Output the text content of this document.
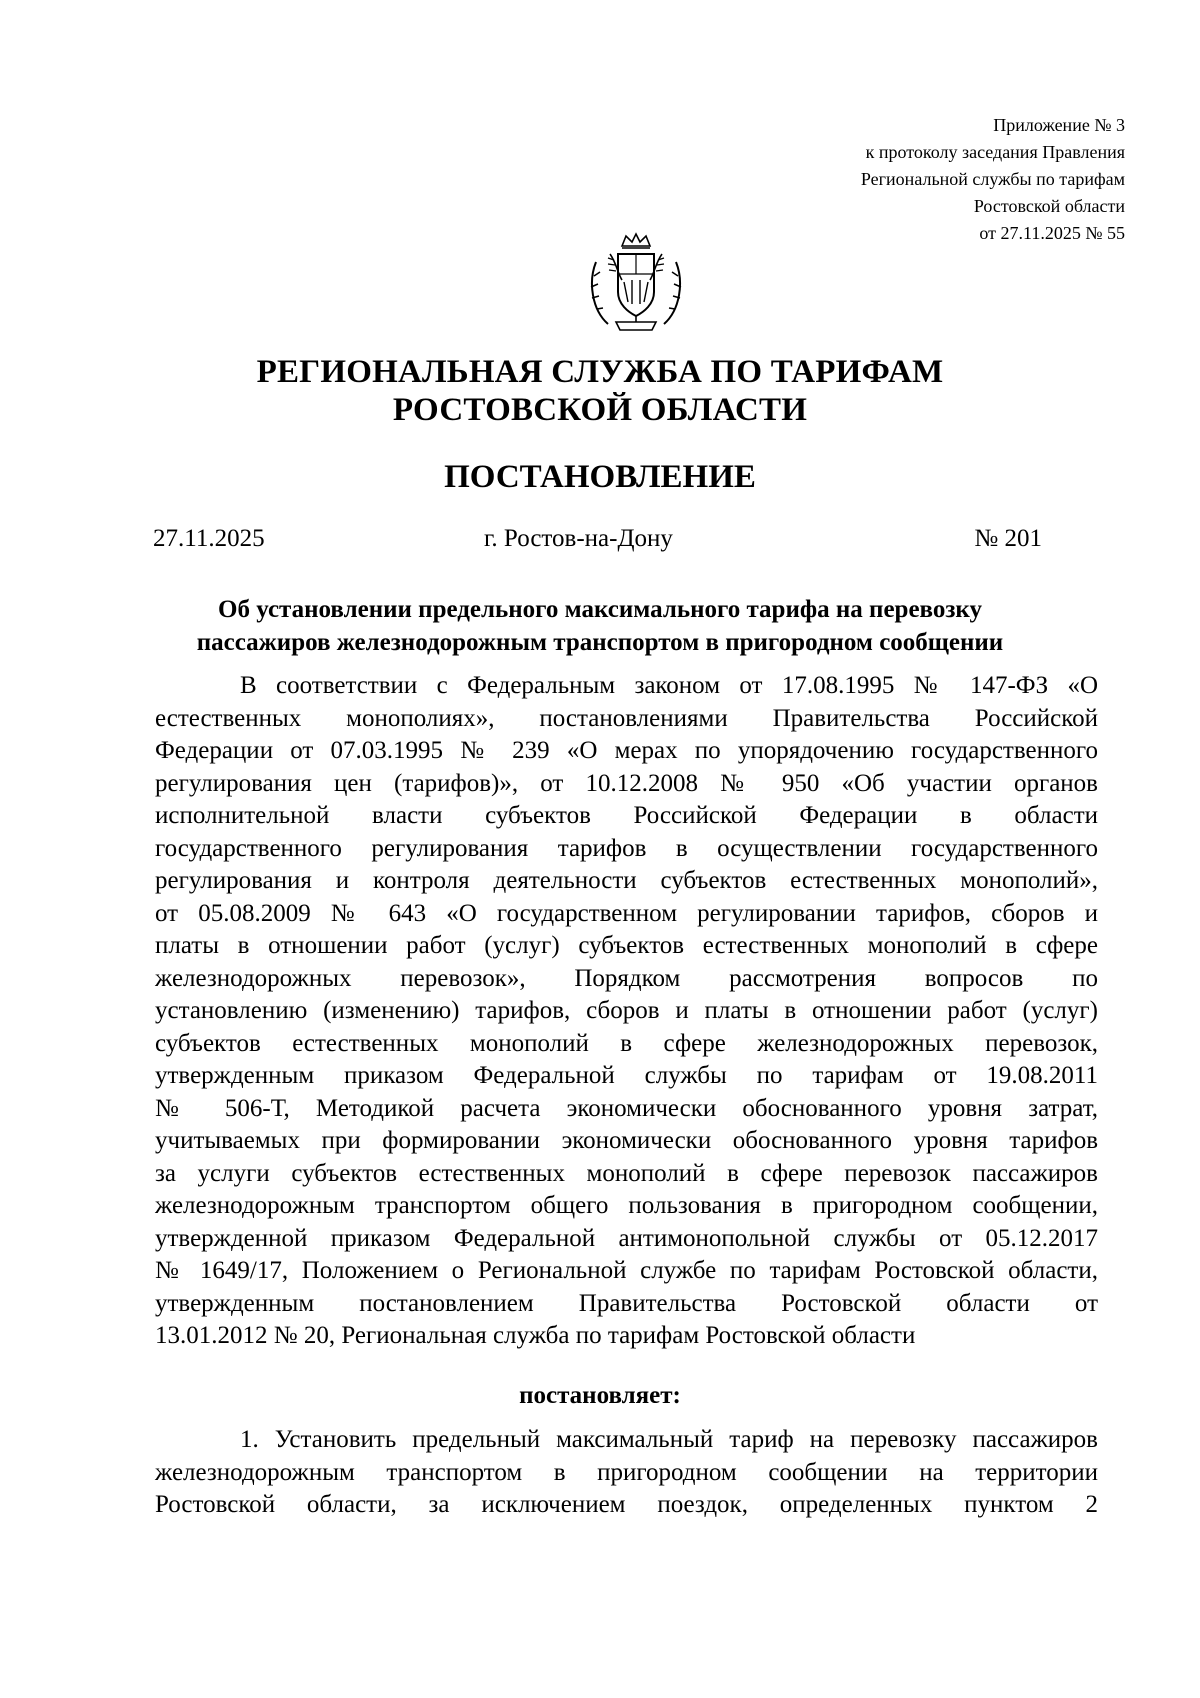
Приложение № 3
к протоколу заседания Правления
Региональной службы по тарифам
Ростовской области
от 27.11.2025 № 55
РЕГИОНАЛЬНАЯ СЛУЖБА ПО ТАРИФАМ
РОСТОВСКОЙ ОБЛАСТИ
ПОСТАНОВЛЕНИЕ
27.11.2025	г. Ростов-на-Дону	№ 201
Об установлении предельного максимального тарифа на перевозку
пассажиров железнодорожным транспортом в пригородном сообщении
В соответствии с Федеральным законом от 17.08.1995 № 147-ФЗ «О
естественных монополиях», постановлениями Правительства Российской
Федерации от 07.03.1995 № 239 «О мерах по упорядочению государственного
регулирования цен (тарифов)», от 10.12.2008 № 950 «Об участии органов
исполнительной власти субъектов Российской Федерации в области
государственного регулирования тарифов в осуществлении государственного
регулирования и контроля деятельности субъектов естественных монополий»,
от 05.08.2009 № 643 «О государственном регулировании тарифов, сборов и
платы в отношении работ (услуг) субъектов естественных монополий в сфере
железнодорожных перевозок», Порядком рассмотрения вопросов по
установлению (изменению) тарифов, сборов и платы в отношении работ (услуг)
субъектов естественных монополий в сфере железнодорожных перевозок,
утвержденным приказом Федеральной службы по тарифам от 19.08.2011
№ 506-Т, Методикой расчета экономически обоснованного уровня затрат,
учитываемых при формировании экономически обоснованного уровня тарифов
за услуги субъектов естественных монополий в сфере перевозок пассажиров
железнодорожным транспортом общего пользования в пригородном сообщении,
утвержденной приказом Федеральной антимонопольной службы от 05.12.2017
№ 1649/17, Положением о Региональной службе по тарифам Ростовской области,
утвержденным постановлением Правительства Ростовской области от
13.01.2012 № 20, Региональная служба по тарифам Ростовской области
постановляет:
1. Установить предельный максимальный тариф на перевозку пассажиров
железнодорожным транспортом в пригородном сообщении на территории
Ростовской области, за исключением поездок, определенных пунктом 2
